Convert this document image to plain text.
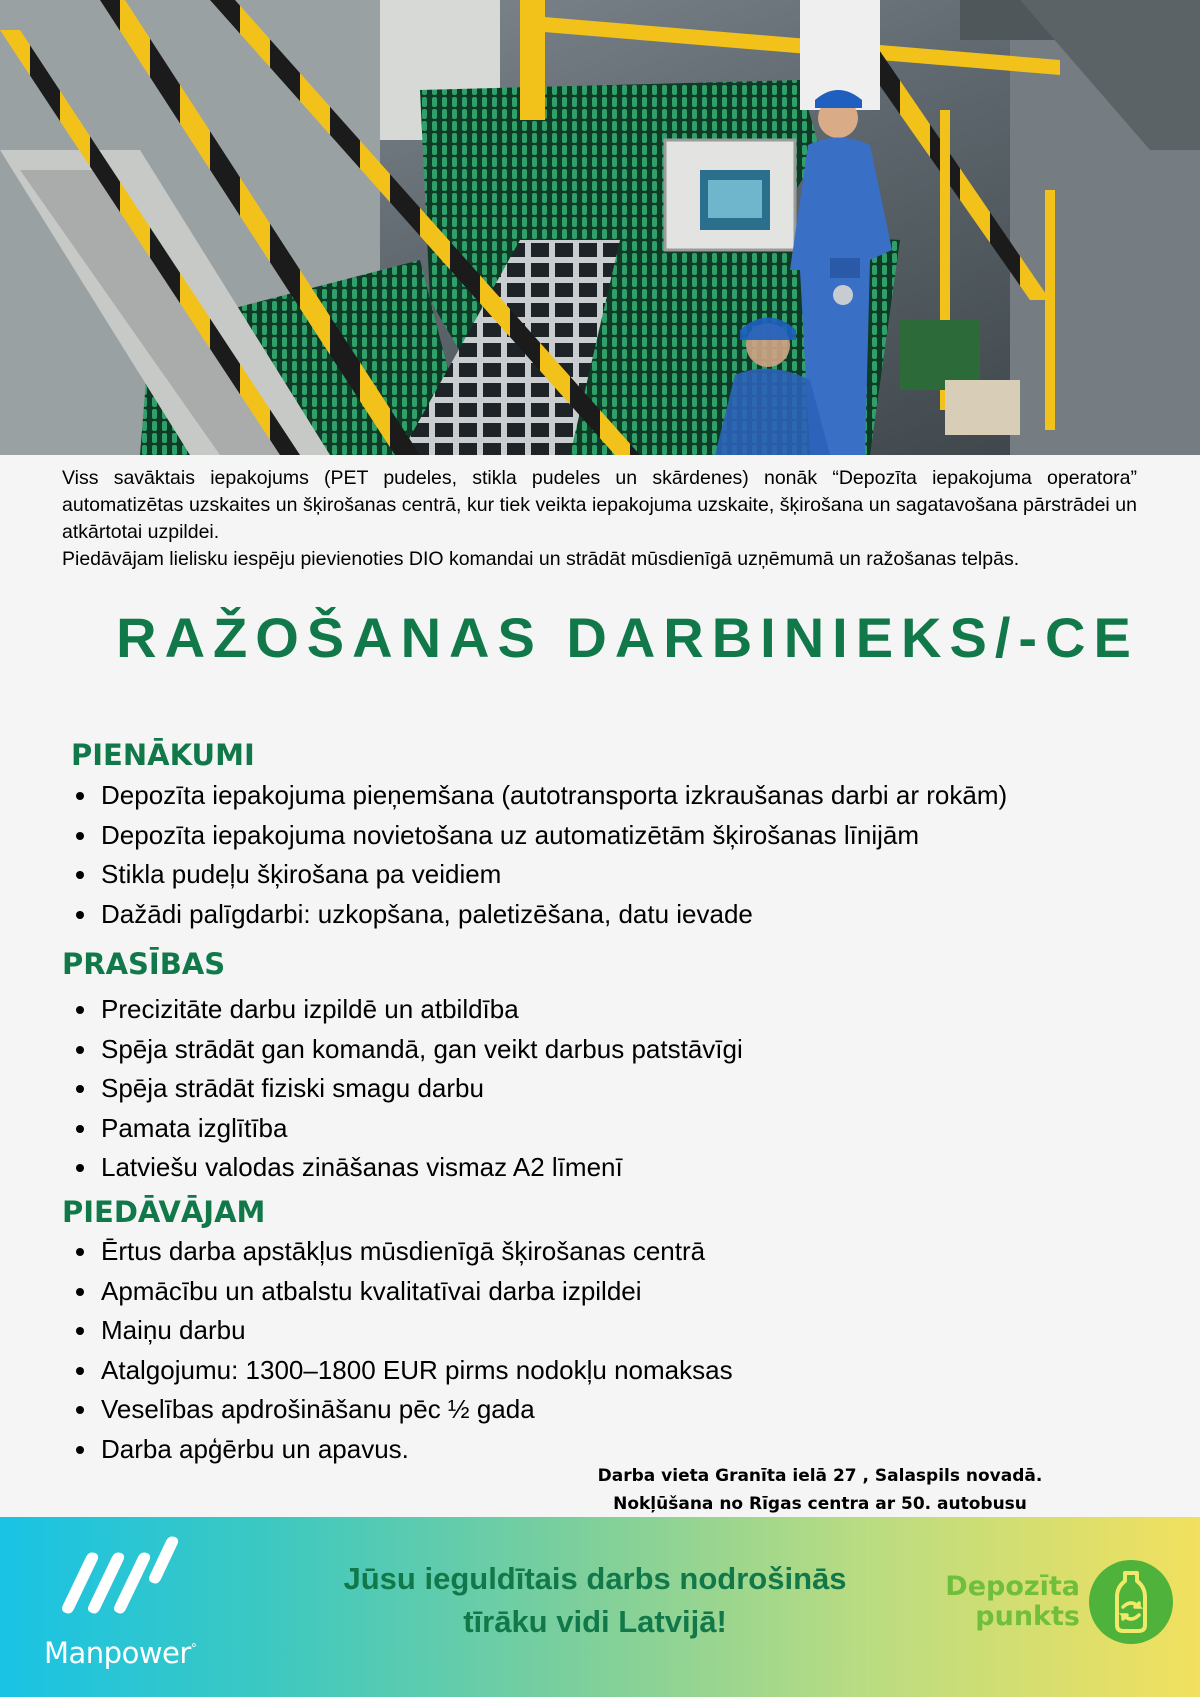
Viss savāktais iepakojums (PET pudeles, stikla pudeles un skārdenes) nonāk “Depozīta iepakojuma operatora” automatizētas uzskaites un šķirošanas centrā, kur tiek veikta iepakojuma uzskaite, šķirošana un sagatavošana pārstrādei un atkārtotai uzpildei.

Piedāvājam lielisku iespēju pievienoties DIO komandai un strādāt mūsdienīgā uzņēmumā un ražošanas telpās.

RAŽOŠANAS DARBINIEKS/-CE
PIENĀKUMI
• Depozīta iepakojuma pieņemšana (autotransporta izkraušanas darbi ar rokām)
• Depozīta iepakojuma novietošana uz automatizētām šķirošanas līnijām
• Stikla pudeļu šķirošana pa veidiem
• Dažādi palīgdarbi: uzkopšana, paletizēšana, datu ievade
PRASĪBAS
• Precizitāte darbu izpildē un atbildība
• Spēja strādāt gan komandā, gan veikt darbus patstāvīgi
• Spēja strādāt fiziski smagu darbu
• Pamata izglītība
• Latviešu valodas zināšanas vismaz A2 līmenī
PIEDĀVĀJAM
• Ērtus darba apstākļus mūsdienīgā šķirošanas centrā
• Apmācību un atbalstu kvalitatīvai darba izpildei
• Maiņu darbu
• Atalgojumu: 1300–1800 EUR pirms nodokļu nomaksas
• Veselības apdrošināšanu pēc ½ gada
• Darba apģērbu un apavus.
Darba vieta Granīta ielā 27 , Salaspils novadā.
Nokļūšana no Rīgas centra ar 50. autobusu
Manpower°
Jūsu ieguldītais darbs nodrošinās
tīrāku vidi Latvijā!
Depozīta
punkts
